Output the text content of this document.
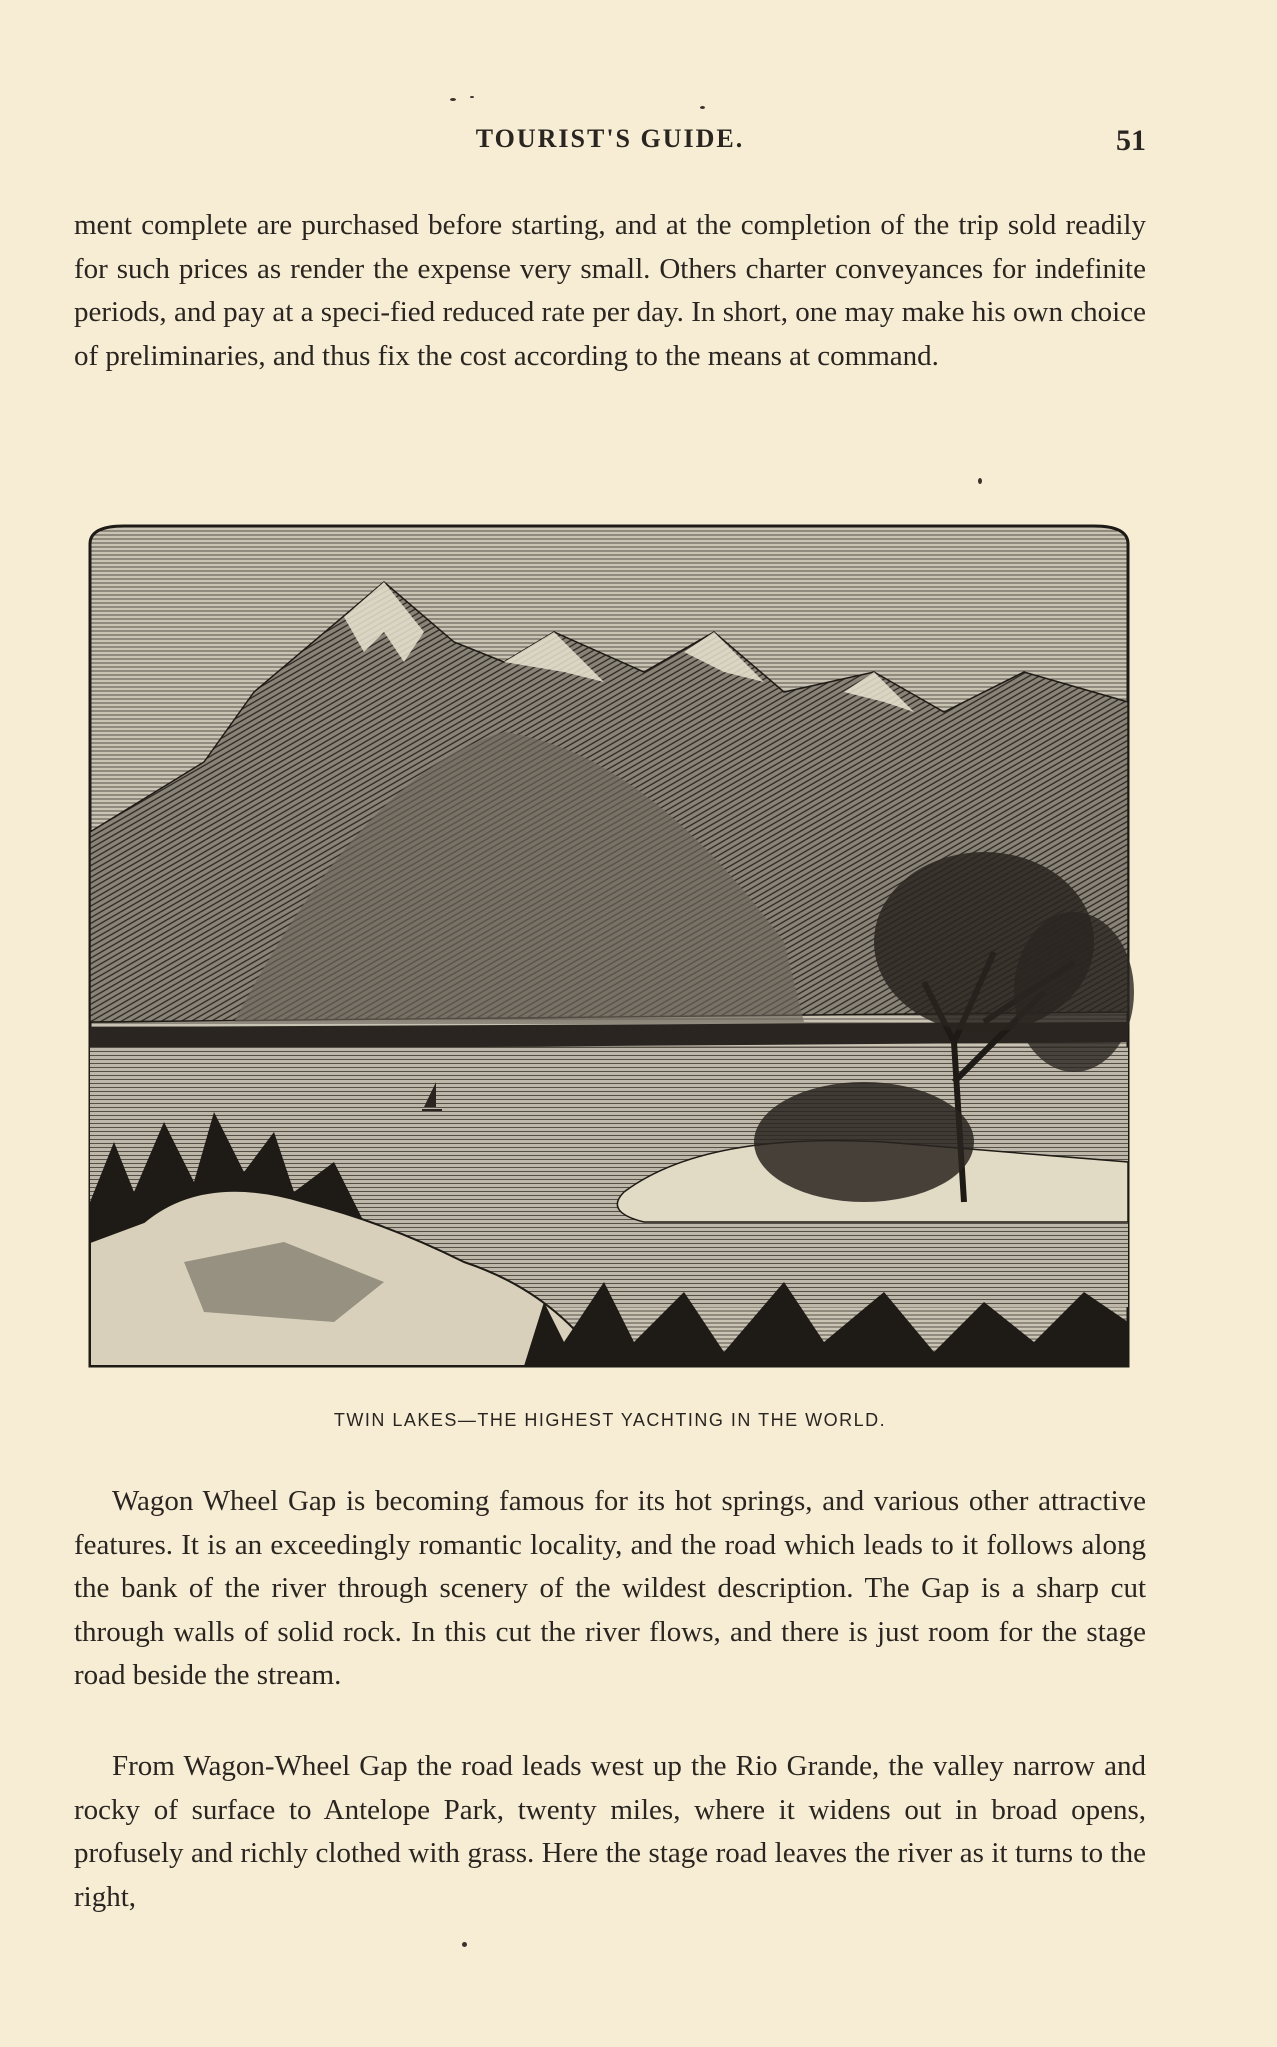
TOURIST'S GUIDE.	51

ment complete are purchased before starting, and at the completion of the trip sold readily for such prices as render the expense very small. Others charter conveyances for indefinite periods, and pay at a speci-fied reduced rate per day. In short, one may make his own choice of preliminaries, and thus fix the cost according to the means at command.

TWIN LAKES—THE HIGHEST YACHTING IN THE WORLD.

Wagon Wheel Gap is becoming famous for its hot springs, and various other attractive features. It is an exceedingly romantic locality, and the road which leads to it follows along the bank of the river through scenery of the wildest description. The Gap is a sharp cut through walls of solid rock. In this cut the river flows, and there is just room for the stage road beside the stream.

From Wagon-Wheel Gap the road leads west up the Rio Grande, the valley narrow and rocky of surface to Antelope Park, twenty miles, where it widens out in broad opens, profusely and richly clothed with grass. Here the stage road leaves the river as it turns to the right,
